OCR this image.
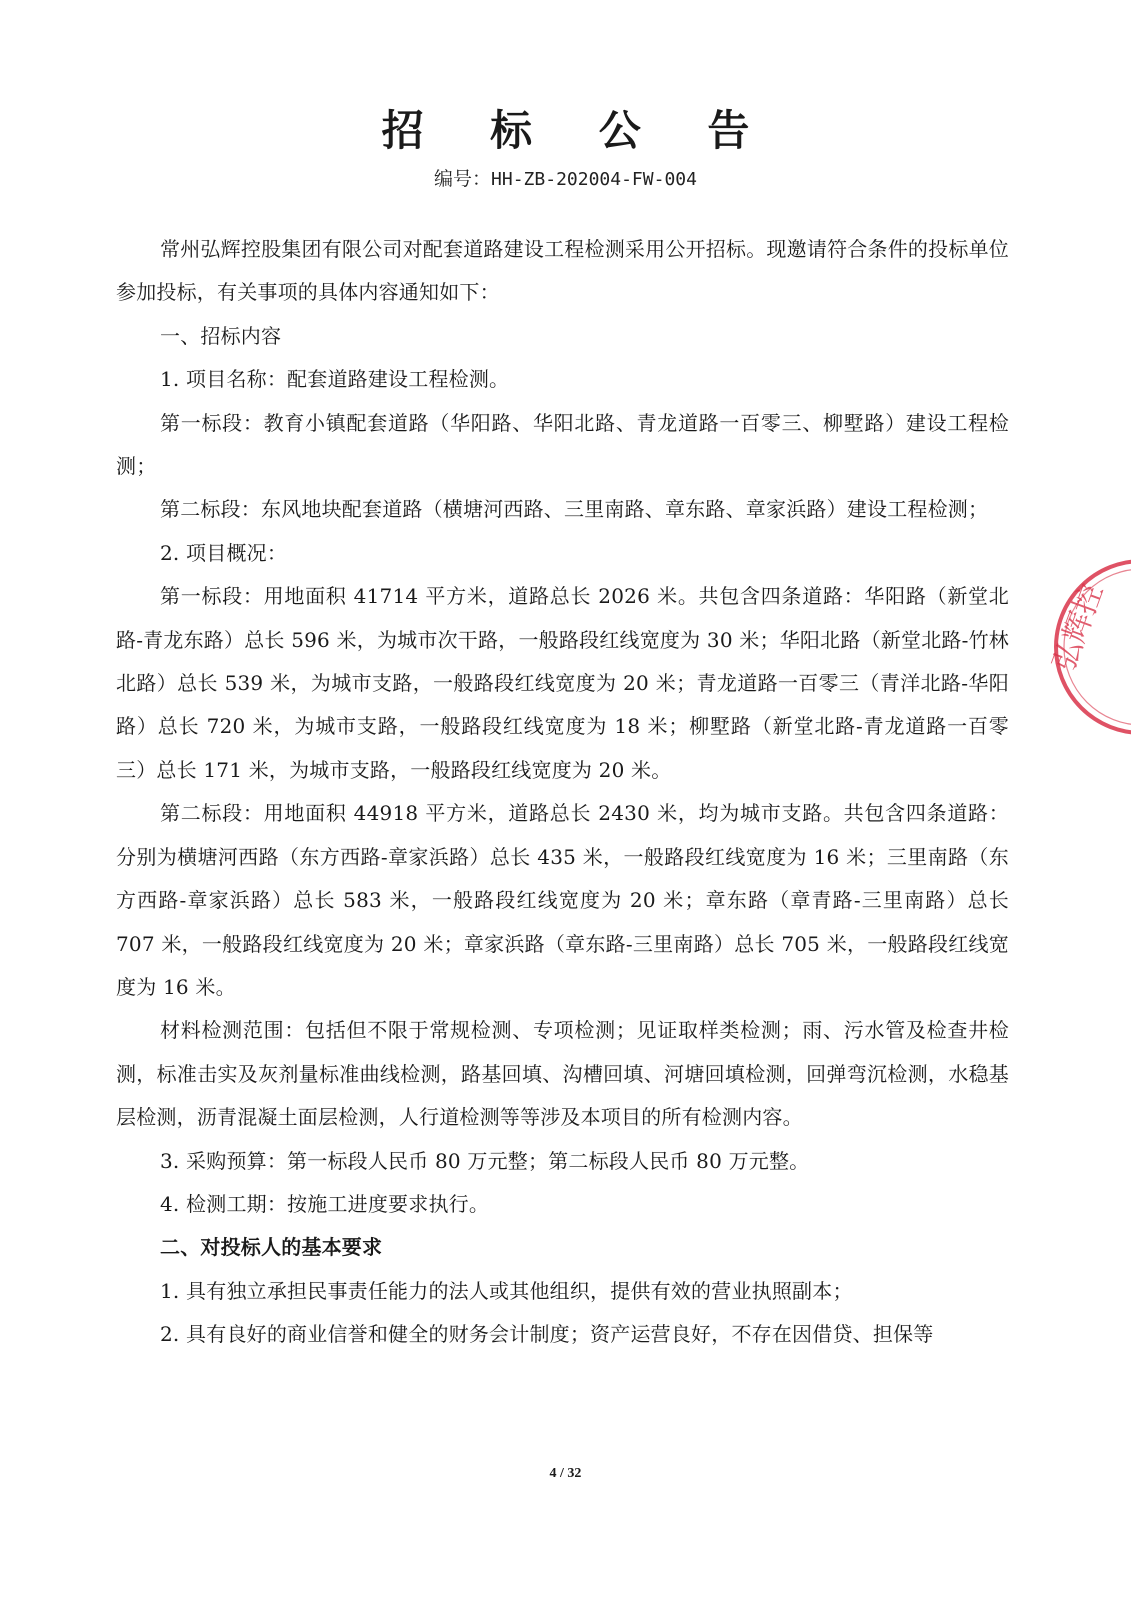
招 标 公 告
编号：HH-ZB-202004-FW-004

常州弘辉控股集团有限公司对配套道路建设工程检测采用公开招标。现邀请符合条件的投标单位参加投标，有关事项的具体内容通知如下：

一、招标内容

1. 项目名称：配套道路建设工程检测。

第一标段：教育小镇配套道路（华阳路、华阳北路、青龙道路一百零三、柳墅路）建设工程检测；

第二标段：东风地块配套道路（横塘河西路、三里南路、章东路、章家浜路）建设工程检测；

2. 项目概况：

第一标段：用地面积 41714 平方米，道路总长 2026 米。共包含四条道路：华阳路（新堂北路-青龙东路）总长 596 米，为城市次干路，一般路段红线宽度为 30 米；华阳北路（新堂北路-竹林北路）总长 539 米，为城市支路，一般路段红线宽度为 20 米；青龙道路一百零三（青洋北路-华阳路）总长 720 米，为城市支路，一般路段红线宽度为 18 米；柳墅路（新堂北路-青龙道路一百零三）总长 171 米，为城市支路，一般路段红线宽度为 20 米。

第二标段：用地面积 44918 平方米，道路总长 2430 米，均为城市支路。共包含四条道路：分别为横塘河西路（东方西路-章家浜路）总长 435 米，一般路段红线宽度为 16 米；三里南路（东方西路-章家浜路）总长 583 米，一般路段红线宽度为 20 米；章东路（章青路-三里南路）总长 707 米，一般路段红线宽度为 20 米；章家浜路（章东路-三里南路）总长 705 米，一般路段红线宽度为 16 米。

材料检测范围：包括但不限于常规检测、专项检测；见证取样类检测；雨、污水管及检查井检测，标准击实及灰剂量标准曲线检测，路基回填、沟槽回填、河塘回填检测，回弹弯沉检测，水稳基层检测，沥青混凝土面层检测，人行道检测等等涉及本项目的所有检测内容。

3. 采购预算：第一标段人民币 80 万元整；第二标段人民币 80 万元整。

4. 检测工期：按施工进度要求执行。

二、对投标人的基本要求

1. 具有独立承担民事责任能力的法人或其他组织，提供有效的营业执照副本；

2. 具有良好的商业信誉和健全的财务会计制度；资产运营良好，不存在因借贷、担保等

弘辉控
4 / 32
